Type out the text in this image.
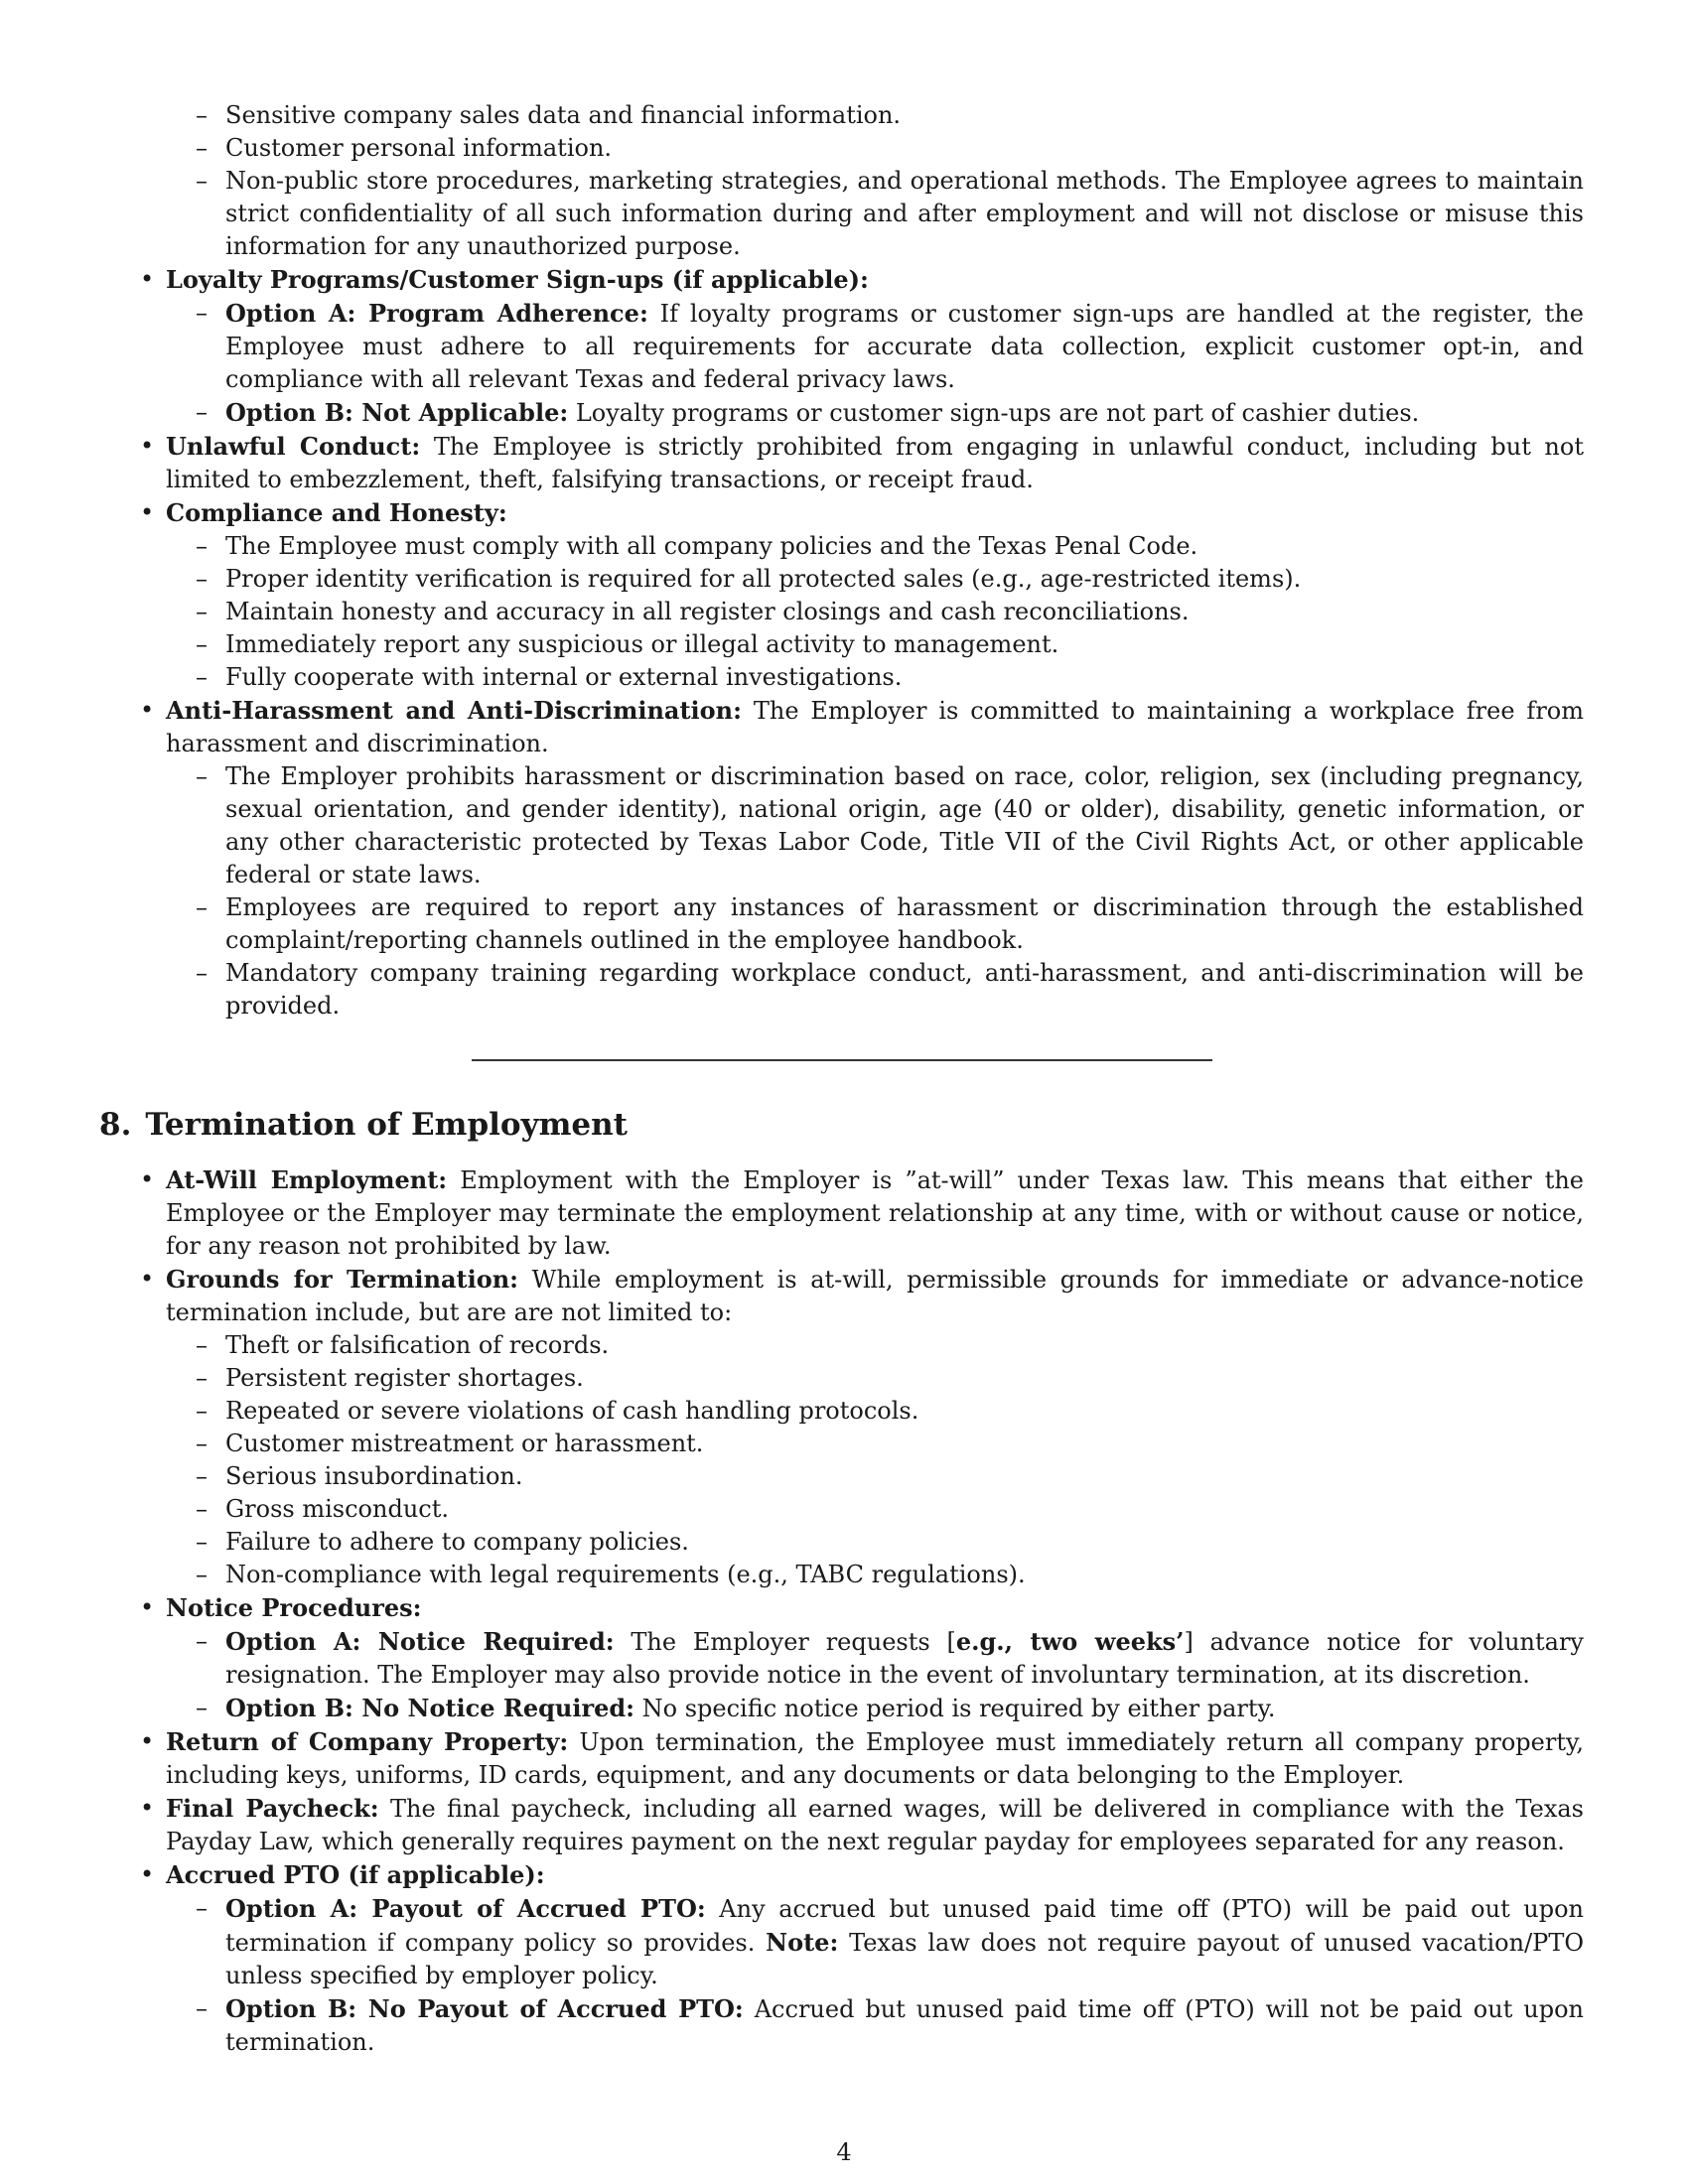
– Sensitive company sales data and financial information.

– Customer personal information.

– Non-public store procedures, marketing strategies, and operational methods. The Employee agrees to maintain strict confidentiality of all such information during and after employment and will not disclose or misuse this information for any unauthorized purpose.

• Loyalty Programs/Customer Sign-ups (if applicable):

– Option A: Program Adherence: If loyalty programs or customer sign-ups are handled at the register, the Employee must adhere to all requirements for accurate data collection, explicit customer opt-in, and compliance with all relevant Texas and federal privacy laws.

– Option B: Not Applicable: Loyalty programs or customer sign-ups are not part of cashier duties.

• Unlawful Conduct: The Employee is strictly prohibited from engaging in unlawful conduct, including but not limited to embezzlement, theft, falsifying transactions, or receipt fraud.

• Compliance and Honesty:

– The Employee must comply with all company policies and the Texas Penal Code.

– Proper identity verification is required for all protected sales (e.g., age-restricted items).

– Maintain honesty and accuracy in all register closings and cash reconciliations.

– Immediately report any suspicious or illegal activity to management.

– Fully cooperate with internal or external investigations.

• Anti-Harassment and Anti-Discrimination: The Employer is committed to maintaining a workplace free from harassment and discrimination.

– The Employer prohibits harassment or discrimination based on race, color, religion, sex (including pregnancy, sexual orientation, and gender identity), national origin, age (40 or older), disability, genetic information, or any other characteristic protected by Texas Labor Code, Title VII of the Civil Rights Act, or other applicable federal or state laws.

– Employees are required to report any instances of harassment or discrimination through the established complaint/reporting channels outlined in the employee handbook.

– Mandatory company training regarding workplace conduct, anti-harassment, and anti-discrimination will be provided.

8. Termination of Employment

• At-Will Employment: Employment with the Employer is ”at-will” under Texas law. This means that either the Employee or the Employer may terminate the employment relationship at any time, with or without cause or notice, for any reason not prohibited by law.

• Grounds for Termination: While employment is at-will, permissible grounds for immediate or advance-notice termination include, but are are not limited to:

– Theft or falsification of records.

– Persistent register shortages.

– Repeated or severe violations of cash handling protocols.

– Customer mistreatment or harassment.

– Serious insubordination.

– Gross misconduct.

– Failure to adhere to company policies.

– Non-compliance with legal requirements (e.g., TABC regulations).

• Notice Procedures:

– Option A: Notice Required: The Employer requests [e.g., two weeks’] advance notice for voluntary resignation. The Employer may also provide notice in the event of involuntary termination, at its discretion.

– Option B: No Notice Required: No specific notice period is required by either party.

• Return of Company Property: Upon termination, the Employee must immediately return all company property, including keys, uniforms, ID cards, equipment, and any documents or data belonging to the Employer.

• Final Paycheck: The final paycheck, including all earned wages, will be delivered in compliance with the Texas Payday Law, which generally requires payment on the next regular payday for employees separated for any reason.

• Accrued PTO (if applicable):

– Option A: Payout of Accrued PTO: Any accrued but unused paid time off (PTO) will be paid out upon termination if company policy so provides. Note: Texas law does not require payout of unused vacation/PTO unless specified by employer policy.

– Option B: No Payout of Accrued PTO: Accrued but unused paid time off (PTO) will not be paid out upon termination.

4
